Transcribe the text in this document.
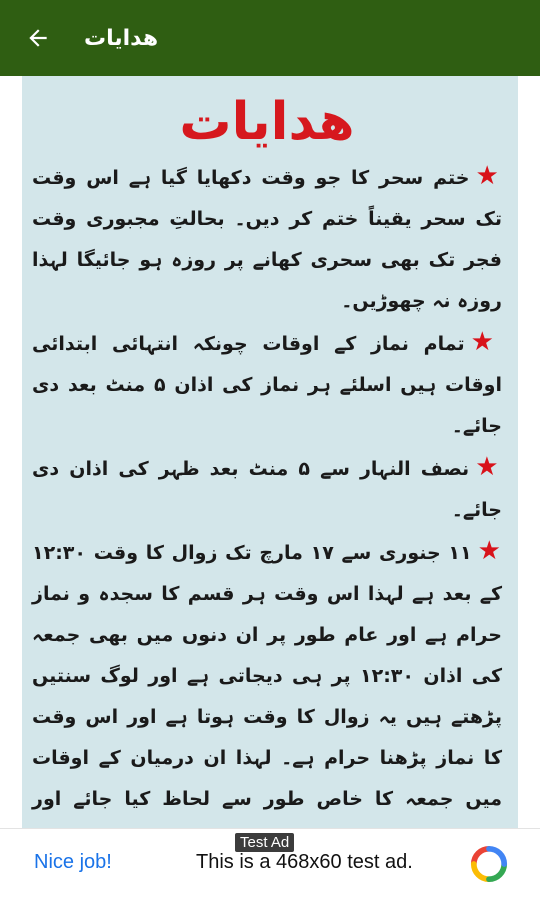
هدایات
ھدایات

★ختم سحر کا جو وقت دکھایا گیا ہے اس وقت تک سحر یقیناً ختم کر دیں۔ بحالتِ مجبوری وقت فجر تک بھی سحری کھانے پر روزہ ہو جائیگا لہذا روزہ نہ چھوڑیں۔

★تمام نماز کے اوقات چونکہ انتہائی ابتدائی اوقات ہیں اسلئے ہر نماز کی اذان ۵ منٹ بعد دی جائے۔

★نصف النہار سے ۵ منٹ بعد ظہر کی اذان دی جائے۔

★۱۱ جنوری سے ۱۷ مارچ تک زوال کا وقت ۱۲:۳۰ کے بعد ہے لہذا اس وقت ہر قسم کا سجدہ و نماز حرام ہے اور عام طور پر ان دنوں میں بھی جمعہ کی اذان ۱۲:۳۰ پر ہی دیجاتی ہے اور لوگ سنتیں پڑھتے ہیں یہ زوال کا وقت ہوتا ہے اور اس وقت کا نماز پڑھنا حرام ہے۔ لہذا ان درمیان کے اوقات میں جمعہ کا خاص طور سے لحاظ کیا جائے اور

Test Ad
Nice job!	This is a 468x60 test ad.
